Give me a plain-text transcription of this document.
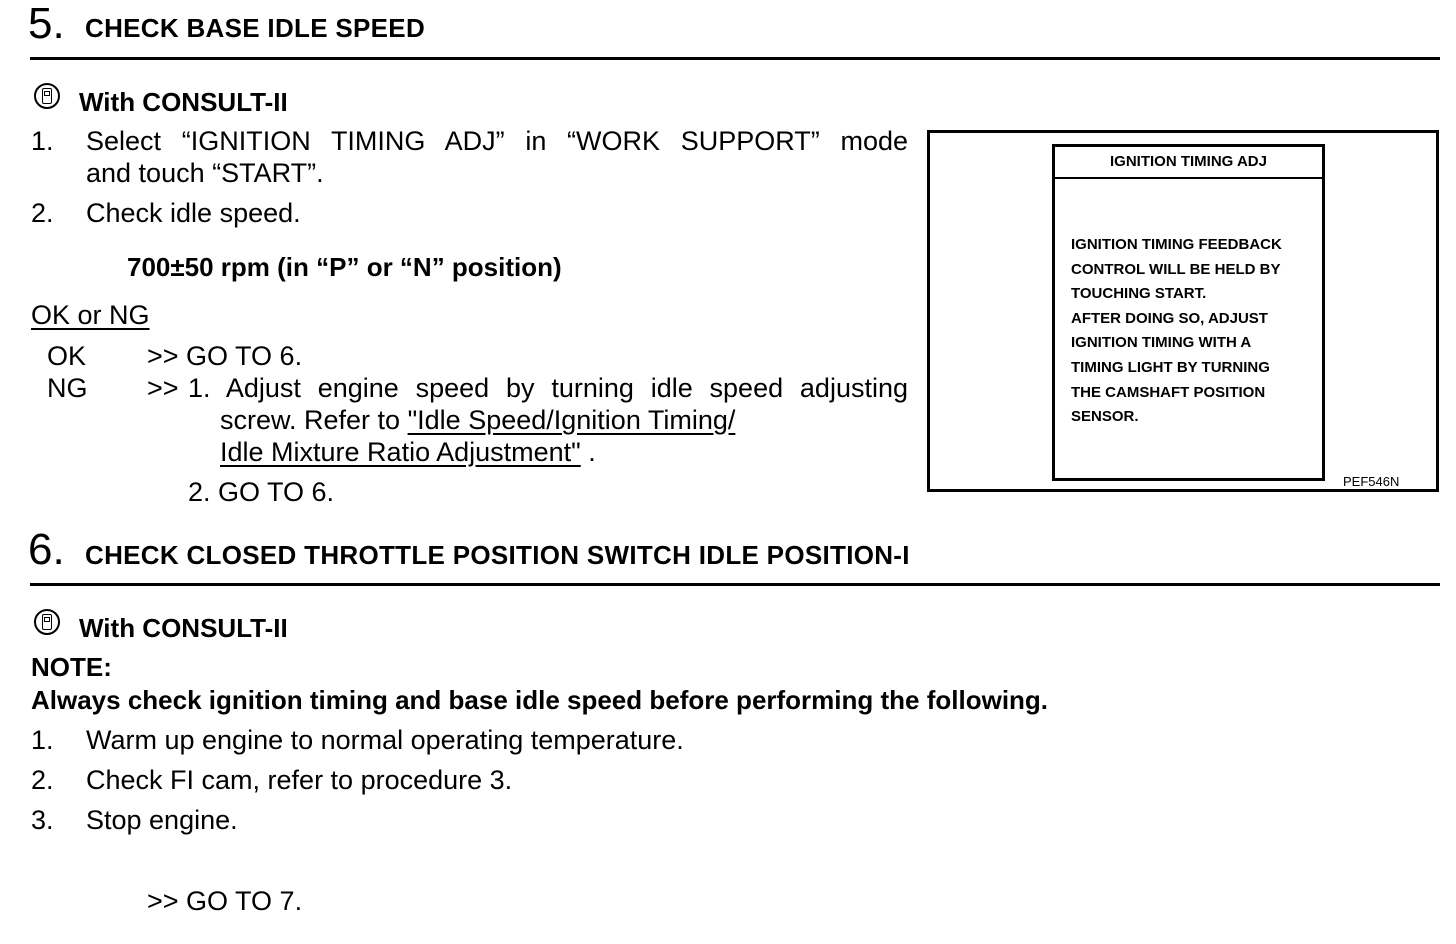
5. CHECK BASE IDLE SPEED
With CONSULT-II
1. Select “IGNITION TIMING ADJ” in “WORK SUPPORT” mode
and touch “START”.
2. Check idle speed.
700±50 rpm (in “P” or “N” position)
OK or NG
OK >> GO TO 6.
NG >> 1. Adjust engine speed by turning idle speed adjusting
screw. Refer to "Idle Speed/Ignition Timing/
Idle Mixture Ratio Adjustment" .
2. GO TO 6.
IGNITION TIMING ADJ
IGNITION TIMING FEEDBACK
CONTROL WILL BE HELD BY
TOUCHING START.
AFTER DOING SO, ADJUST
IGNITION TIMING WITH A
TIMING LIGHT BY TURNING
THE CAMSHAFT POSITION
SENSOR.
PEF546N
6. CHECK CLOSED THROTTLE POSITION SWITCH IDLE POSITION-I
With CONSULT-II
NOTE:
Always check ignition timing and base idle speed before performing the following.
1. Warm up engine to normal operating temperature.
2. Check FI cam, refer to procedure 3.
3. Stop engine.
>> GO TO 7.
